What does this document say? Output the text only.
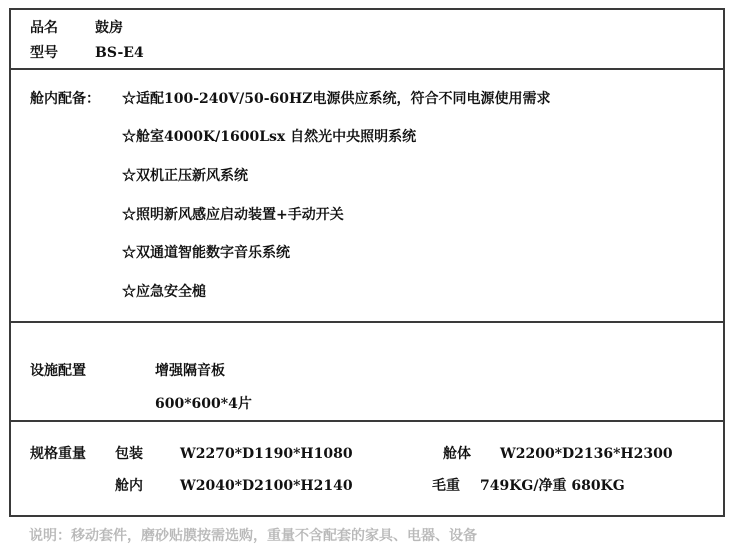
品名	鼓房
型号	BS-E4
舱内配备： ☆适配100-240V/50-60HZ电源供应系统，符合不同电源使用需求
☆舱室4000K/1600Lsx 自然光中央照明系统
☆双机正压新风系统
☆照明新风感应启动装置+手动开关
☆双通道智能数字音乐系统
☆应急安全槌
设施配置	增强隔音板
600*600*4片
规格重量 包装	W2270*D1190*H1080	舱体 W2200*D2136*H2300
舱内	W2040*D2100*H2140	毛重 749KG/净重 680KG
说明：移动套件，磨砂贴膜按需选购，重量不含配套的家具、电器、设备
